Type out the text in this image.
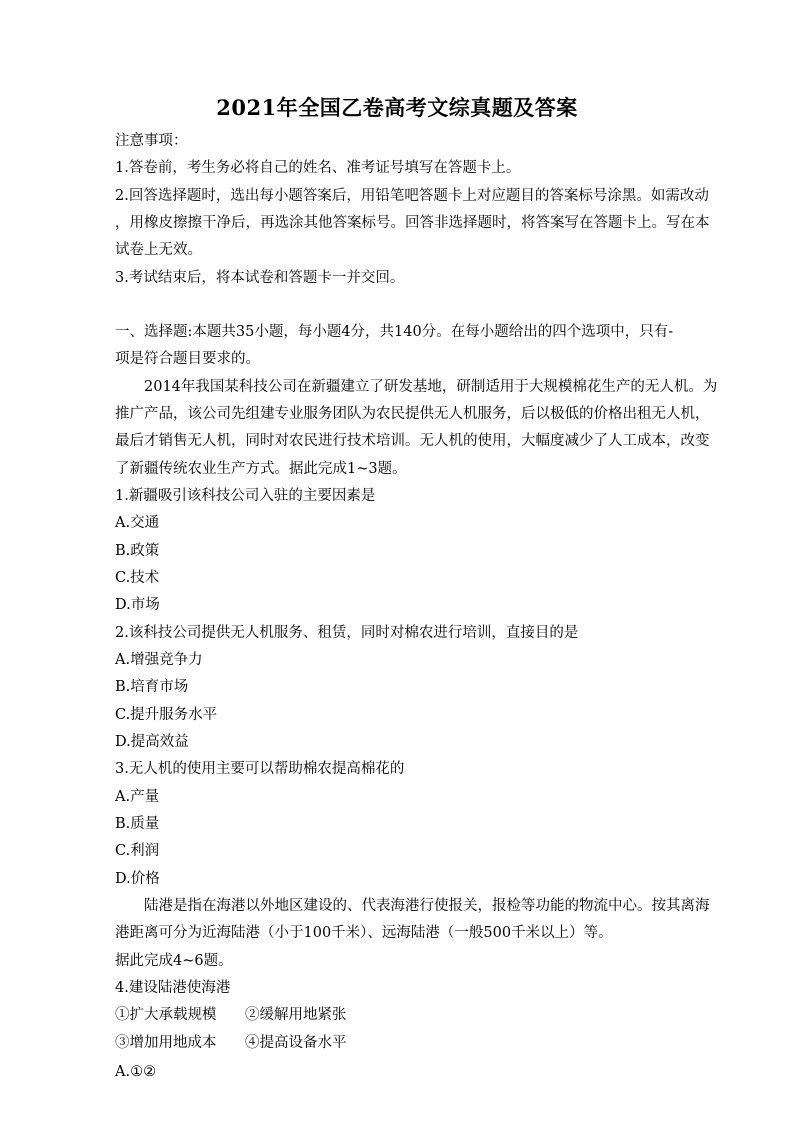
2021年全国乙卷高考文综真题及答案
注意事项：
1.答卷前，考生务必将自己的姓名、准考证号填写在答题卡上。
2.回答选择题时，选出每小题答案后，用铅笔吧答题卡上对应题目的答案标号涂黑。如需改动
，用橡皮擦擦干净后，再选涂其他答案标号。回答非选择题时，将答案写在答题卡上。写在本
试卷上无效。
3.考试结束后，将本试卷和答题卡一并交回。
一、选择题:本题共35小题，每小题4分，共140分。在每小题给出的四个选项中，只有-
项是符合题目要求的。
2014年我国某科技公司在新疆建立了研发基地，研制适用于大规模棉花生产的无人机。为
推广产品，该公司先组建专业服务团队为农民提供无人机服务，后以极低的价格出租无人机，
最后才销售无人机，同时对农民进行技术培训。无人机的使用，大幅度减少了人工成本，改变
了新疆传统农业生产方式。据此完成1~3题。
1.新疆吸引该科技公司入驻的主要因素是
A.交通
B.政策
C.技术
D.市场
2.该科技公司提供无人机服务、租赁，同时对棉农进行培训，直接目的是
A.增强竞争力
B.培育市场
C.提升服务水平
D.提高效益
3.无人机的使用主要可以帮助棉农提高棉花的
A.产量
B.质量
C.利润
D.价格
陆港是指在海港以外地区建设的、代表海港行使报关，报检等功能的物流中心。按其离海
港距离可分为近海陆港（小于100千米）、远海陆港（一般500千米以上）等。
据此完成4~6题。
4.建设陆港使海港
①扩大承载规模 ②缓解用地紧张
③增加用地成本 ④提高设备水平
A.①②
